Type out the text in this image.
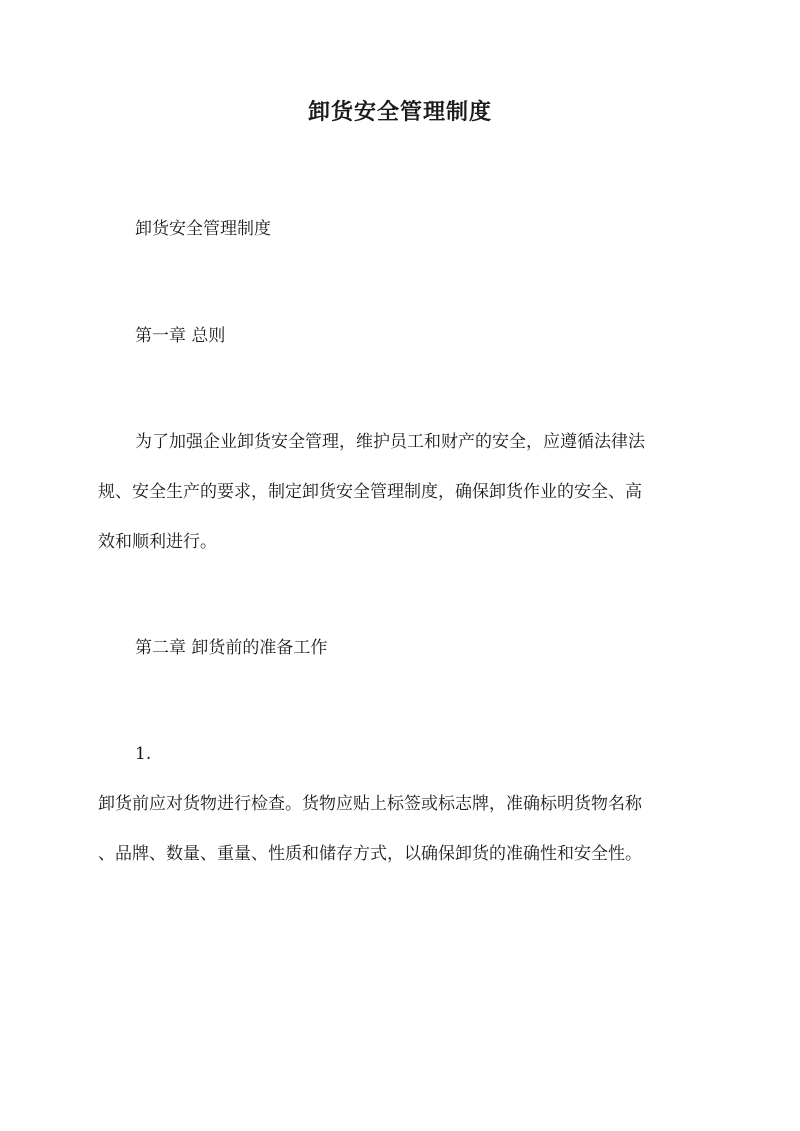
卸货安全管理制度

卸货安全管理制度

第一章 总则

为了加强企业卸货安全管理，维护员工和财产的安全，应遵循法律法

规、安全生产的要求，制定卸货安全管理制度，确保卸货作业的安全、高

效和顺利进行。

第二章 卸货前的准备工作

1.

卸货前应对货物进行检查。货物应贴上标签或标志牌，准确标明货物名称

、品牌、数量、重量、性质和储存方式，以确保卸货的准确性和安全性。
